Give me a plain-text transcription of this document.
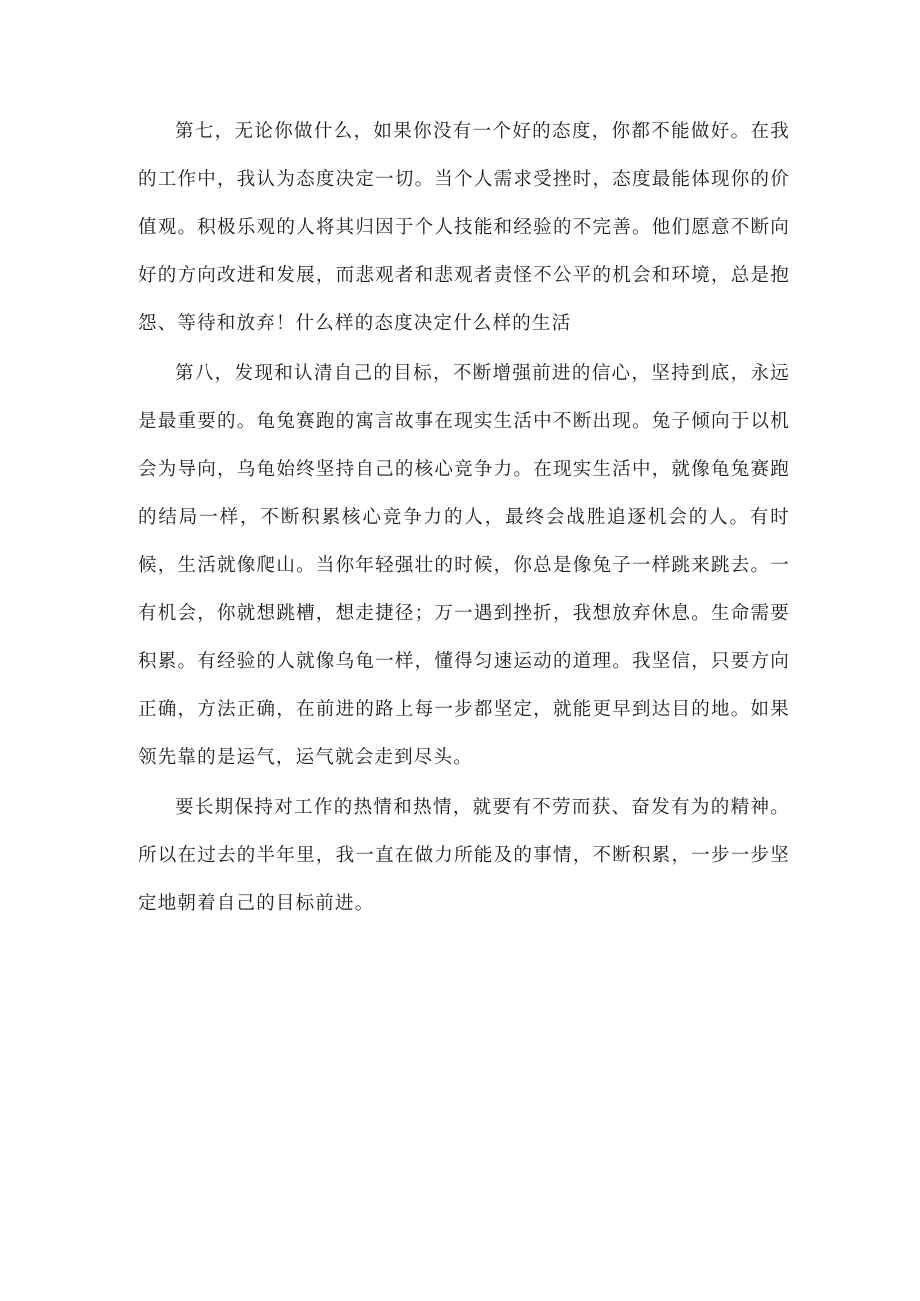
第七，无论你做什么，如果你没有一个好的态度，你都不能做好。在我的工作中，我认为态度决定一切。当个人需求受挫时，态度最能体现你的价值观。积极乐观的人将其归因于个人技能和经验的不完善。他们愿意不断向好的方向改进和发展，而悲观者和悲观者责怪不公平的机会和环境，总是抱怨、等待和放弃！什么样的态度决定什么样的生活

第八，发现和认清自己的目标，不断增强前进的信心，坚持到底，永远是最重要的。龟兔赛跑的寓言故事在现实生活中不断出现。兔子倾向于以机会为导向，乌龟始终坚持自己的核心竞争力。在现实生活中，就像龟兔赛跑的结局一样，不断积累核心竞争力的人，最终会战胜追逐机会的人。有时候，生活就像爬山。当你年轻强壮的时候，你总是像兔子一样跳来跳去。一有机会，你就想跳槽，想走捷径；万一遇到挫折，我想放弃休息。生命需要积累。有经验的人就像乌龟一样，懂得匀速运动的道理。我坚信，只要方向正确，方法正确，在前进的路上每一步都坚定，就能更早到达目的地。如果领先靠的是运气，运气就会走到尽头。

要长期保持对工作的热情和热情，就要有不劳而获、奋发有为的精神。所以在过去的半年里，我一直在做力所能及的事情，不断积累，一步一步坚定地朝着自己的目标前进。
